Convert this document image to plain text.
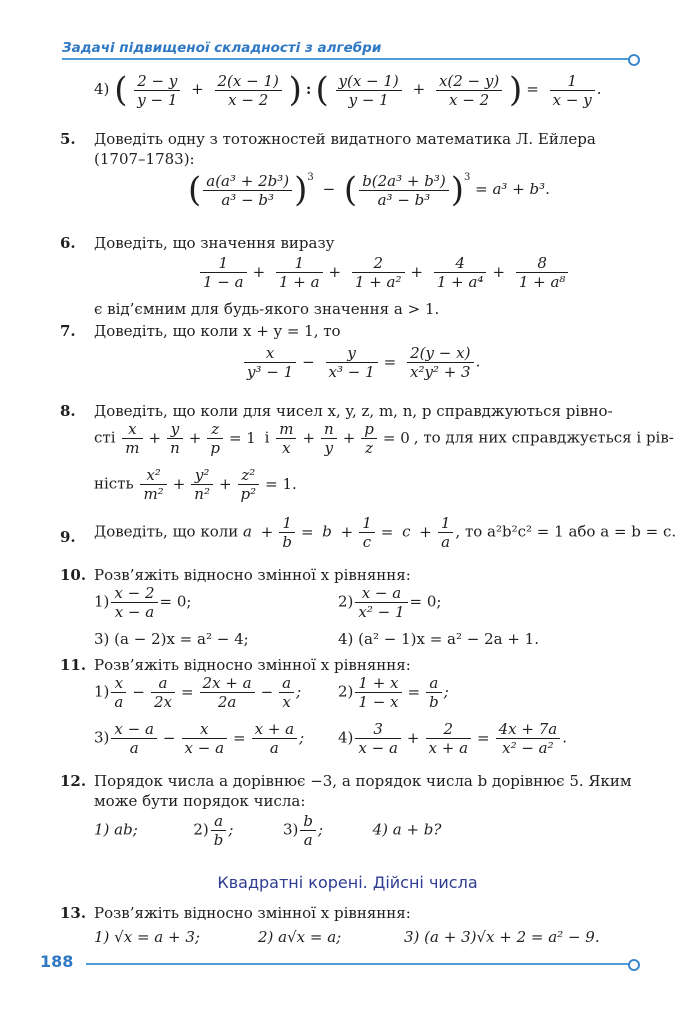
Задачі підвищеної складності з алгебри
4) ( $\frac{2 - y}{y - 1} + \frac{2(x - 1)}{x - 2}$ ) : ( $\frac{y(x - 1)}{y - 1} + \frac{x(2 - y)}{x - 2}$ ) = $\frac{1}{x - y}$ .
5. Доведіть одну з тотожностей видатного математика Л. Ейлера
(1707–1783):
( $\frac{\text{a(a³ + 2b³)}}{\text{a³ − b³}} )^3$ − ( $\frac{\text{b(2a³ + b³)}}{\text{a³ − b³}} )^3 = a^3 + b^3$.
6. Доведіть, що значення виразу
$\frac{1}{1 - a} + \frac{1}{1 + a} + \frac{2}{\text{1 + a²}} + \frac{4}{\text{1 + a⁴}} + \frac{8}{\text{1 + a⁸}}$
є від’ємним для будь-якого значення a > 1.
7. Доведіть, що коли x + y = 1, то
$\frac{x}{\text{y³ − 1}} - \frac{y}{\text{x³ − 1}} = \frac{2(y - x)}{\text{x²y² + 3}}$ .
8. Доведіть, що коли для чисел x, y, z, m, n, p справджуються рівно-
сті $\frac{x}{m} + \frac{y}{n} + \frac{z}{p} = 1$ і $\frac{m}{x} + \frac{n}{y} + \frac{p}{z} = 0$ , то для них справджується і рів-
ність $\frac{\text{x²}}{\text{m²}} + \frac{\text{y²}}{\text{n²}} + \frac{\text{z²}}{\text{p²}} = 1$.
9. Доведіть, що коли $a + \frac{1}{b} = b + \frac{1}{c} = c + \frac{1}{a}$ , то a²b²c² = 1 або a = b = c.
10. Розв’яжіть відносно змінної x рівняння:
$1) \frac{x - 2}{x - a} = 0$;	$2) \frac{x - a}{\text{x² − 1}} = 0$;
3) (a − 2)x = a² − 4;	4) (a² − 1)x = a² − 2a + 1.
11. Розв’яжіть відносно змінної x рівняння:
$1) \frac{x}{a} - \frac{a}{2x} = \frac{2x + a}{2a} - \frac{a}{x}$ ; $2) \frac{1 + x}{1 - x} = \frac{a}{b}$ ;
$3) \frac{x - a}{a} - \frac{x}{x - a} = \frac{x + a}{a}$ ; $4) \frac{3}{x - a} + \frac{2}{x + a} = \frac{4x + 7a}{\text{x² − a²}}$ .
12. Порядок числа a дорівнює −3, а порядок числа b дорівнює 5. Яким
може бути порядок числа:
1) ab;	$2) \frac{a}{b}$ ;	$3) \frac{b}{a}$ ;	4) a + b?
Квадратні корені. Дійсні числа
13. Розв’яжіть відносно змінної x рівняння:
1) √x = a + 3;	2) a√x = a;	3) (a + 3)√x + 2 = a² − 9.
188
